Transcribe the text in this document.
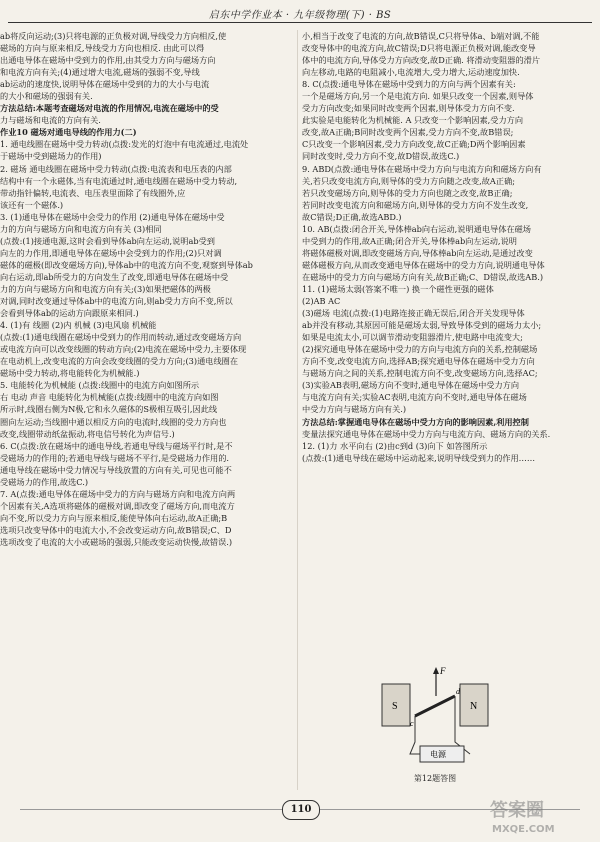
启东中学作业本 · 九年级物理(下) · BS

ab将反向运动;(3)只将电源的正负极对调,导线受力方向相反,使

磁场的方向与原来相反,导线受力方向也相反. 由此可以得

出通电导体在磁场中受到力的作用,由其受力方向与磁场方向

和电流方向有关;(4)通过增大电流,磁场的强弱不变,导线

ab运动的速度快,说明导体在磁场中受到的力的大小与电流

的大小和磁场的强弱有关.

方法总结:本题考查磁场对电流的作用情况,电流在磁场中的受

力与磁场和电流的方向有关.

作业10 磁场对通电导线的作用力(二)

1. 通电线圈在磁场中受力转动(点拨:发光的灯泡中有电流通过,电流处

于磁场中受到磁场力的作用)

2. 磁场 通电线圈在磁场中受力转动(点拨:电流表和电压表的内部

结构中有一个永磁体,当有电流通过时,通电线圈在磁场中受力转动,

带动指针偏转,电流表、电压表里面除了有线圈外,应

该还有一个磁体.)

3. (1)通电导体在磁场中会受力的作用 (2)通电导体在磁场中受

力的方向与磁场方向和电流方向有关 (3)相同

(点拨:(1)接通电源,这时会看到导体ab向左运动,说明ab受到

向左的力作用,即通电导体在磁场中会受到力的作用;(2)只对调

磁体的磁极(即改变磁场方向),导体ab中的电流方向不变,观察到导体ab

向右运动,即ab所受力的方向发生了改变,即通电导体在磁场中受

力的方向与磁场方向和电流方向有关;(3)如果把磁体的两极

对调,同时改变通过导体ab中的电流方向,则ab受力方向不变,所以

会看到导体ab的运动方向跟原来相同.)

4. (1)有 线圈 (2)内 机械 (3)电风扇 机械能

(点拨:(1)通电线圈在磁场中受到力的作用而转动,通过改变磁场方向

或电流方向可以改变线圈的转动方向;(2)电流在磁场中受力,主要体现

在电动机上,改变电流的方向会改变线圈的受力方向;(3)通电线圈在

磁场中受力转动,将电能转化为机械能.)

5. 电能转化为机械能 (点拨:线圈中的电流方向如图所示

右 电动 声音 电能转化为机械能(点拨:线圈中的电流方向如图

所示时,线圈右侧为N极,它和永久磁体的S极相互吸引,因此线

圈向左运动;当线圈中通以相反方向的电流时,线圈的受力方向也

改变,线圈带动纸盆振动,将电信号转化为声信号.)

6. C(点拨:放在磁场中的通电导线,若通电导线与磁场平行时,是不

受磁场力的作用的;若通电导线与磁场不平行,是受磁场力作用的.

通电导线在磁场中受力情况与导线放置的方向有关,可见也可能不

受磁场力的作用,故选C.)

7. A(点拨:通电导体在磁场中受力的方向与磁场方向和电流方向两

个因素有关,A选项将磁体的磁极对调,即改变了磁场方向,而电流方

向不变,所以受力方向与原来相反,能使导体向右运动,故A正确;B

选项只改变导体中的电流大小,不会改变运动方向,故B错误;C、D

选项改变了电流的大小或磁场的强弱,只能改变运动快慢,故错误.)

小,相当于改变了电流的方向,故B错误,C只将导体a、b端对调,不能

改变导体中的电流方向,故C错误;D只将电源正负极对调,能改变导

体中的电流方向,导体受力方向改变,故D正确. 将滑动变阻器的滑片

向左移动,电路的电阻减小,电流增大,受力增大,运动速度加快.

8. C(点拨:通电导体在磁场中受到力的方向与两个因素有关:

一个是磁场方向,另一个是电流方向. 如果只改变一个因素,则导体

受力方向改变;如果同时改变两个因素,则导体受力方向不变.

此实验是电能转化为机械能. A 只改变一个影响因素,受力方向

改变,故A正确;B同时改变两个因素,受力方向不变,故B错误;

C只改变一个影响因素,受力方向改变,故C正确;D两个影响因素

同时改变时,受力方向不变,故D错误,故选C.)

9. ABD(点拨:通电导体在磁场中受力方向与电流方向和磁场方向有

关,若只改变电流方向,则导体的受力方向随之改变,故A正确;

若只改变磁场方向,则导体的受力方向也随之改变,故B正确;

若同时改变电流方向和磁场方向,则导体的受力方向不发生改变,

故C错误;D正确,故选ABD.)

10. AB(点拨:闭合开关,导体棒ab向右运动,说明通电导体在磁场

中受到力的作用,故A正确;闭合开关,导体棒ab向左运动,说明

将磁体磁极对调,即改变磁场方向,导体棒ab向左运动,是通过改变

磁体磁极方向,从而改变通电导体在磁场中的受力方向,说明通电导体

在磁场中的受力方向与磁场方向有关,故B正确;C、D错误,故选AB.)

11. (1)磁场太弱(答案不唯一) 换一个磁性更强的磁体

(2)AB AC

(3)磁场 电流(点拨:(1)电路连接正确无误后,闭合开关发现导体

ab并没有移动,其原因可能是磁场太弱,导致导体受到的磁场力太小;

如果是电流太小,可以调节滑动变阻器滑片,使电路中电流变大;

(2)探究通电导体在磁场中受力的方向与电流方向的关系,控制磁场

方向不变,改变电流方向,选择AB;探究通电导体在磁场中受力方向

与磁场方向之间的关系,控制电流方向不变,改变磁场方向,选择AC;

(3)实验AB表明,磁场方向不变时,通电导体在磁场中受力方向

与电流方向有关;实验AC表明,电流方向不变时,通电导体在磁场

中受力方向与磁场方向有关.)

方法总结:掌握通电导体在磁场中受力方向的影响因素,利用控制

变量法探究通电导体在磁场中受力方向与电流方向、磁场方向的关系.

12. (1)力 水平向右 (2)由c到d (3)向下 如答图所示

(点拨:(1)通电导线在磁场中运动起来,说明导线受到力的作用……

S	N
F
c
d
电源
第12题答图
110	答案圈
MXQE.COM
